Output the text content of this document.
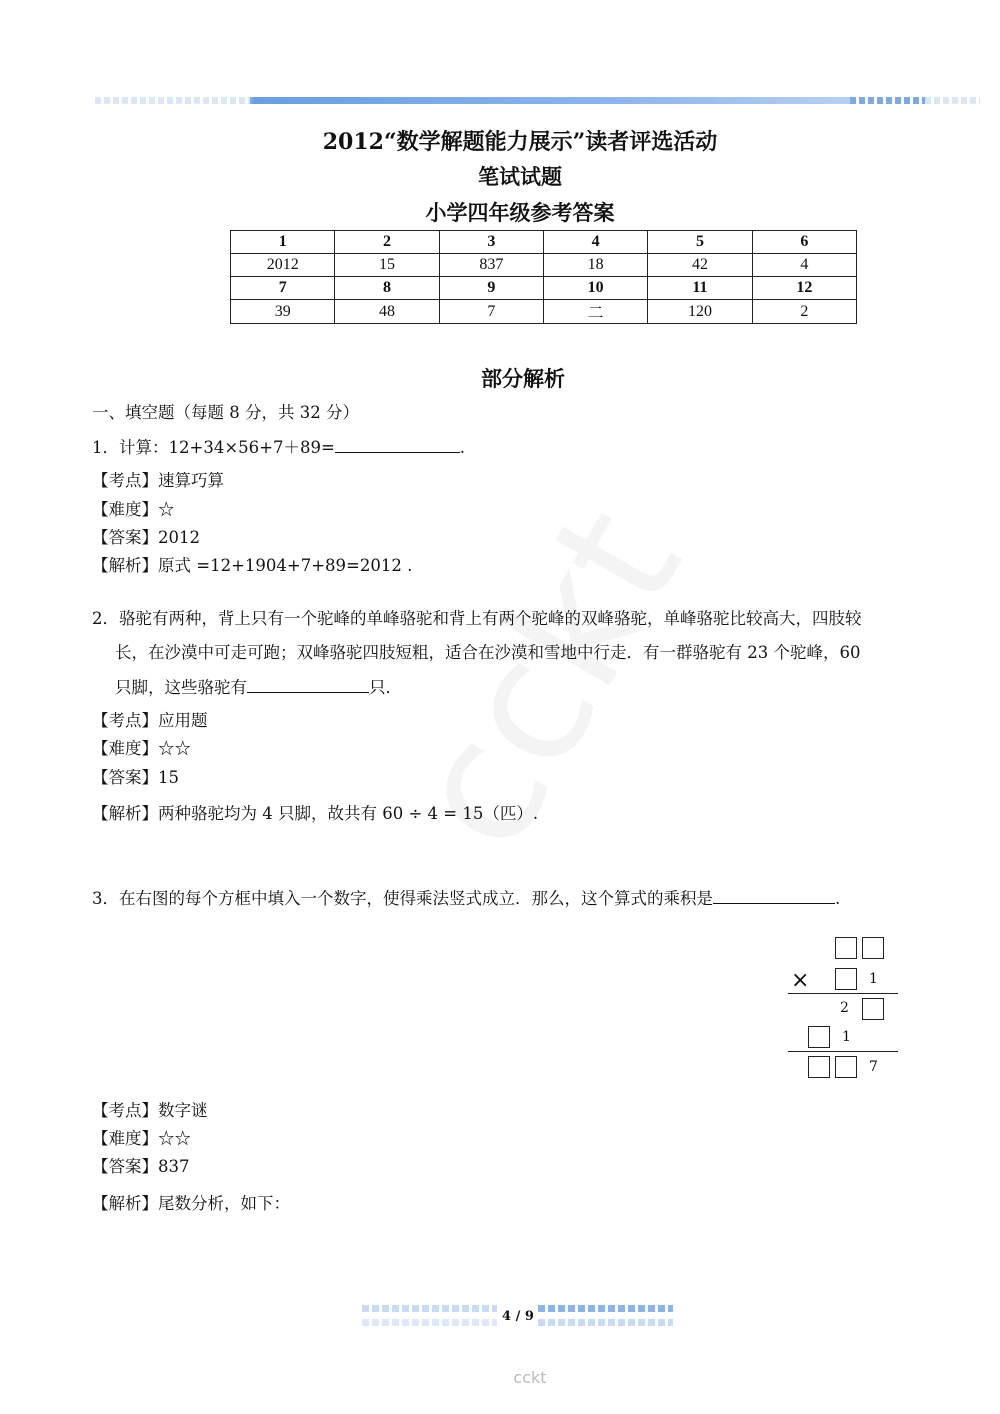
2012“数学解题能力展示”读者评选活动
笔试试题
小学四年级参考答案
1	2	3	4	5	6
2012	15	837	18	42	4
7	8	9	10	11	12
39	48	7	二	120	2
部分解析
一、填空题（每题 8 分，共 32 分）
1．计算：12+34×56+7＋89=	.
【考点】速算巧算
【难度】☆
【答案】2012
【解析】原式 =12+1904+7+89=2012 .
2．骆驼有两种，背上只有一个驼峰的单峰骆驼和背上有两个驼峰的双峰骆驼，单峰骆驼比较高大，四肢较
长，在沙漠中可走可跑；双峰骆驼四肢短粗，适合在沙漠和雪地中行走．有一群骆驼有 23 个驼峰，60
只脚，这些骆驼有	只．
【考点】应用题
【难度】☆☆
【答案】15
【解析】两种骆驼均为 4 只脚，故共有 60 ÷ 4 = 15（匹）.
3．在右图的每个方框中填入一个数字，使得乘法竖式成立．那么，这个算式的乘积是	.
×	1
2
1
7
【考点】数字谜
【难度】☆☆
【答案】837
【解析】尾数分析，如下：
4 / 9
cckt
